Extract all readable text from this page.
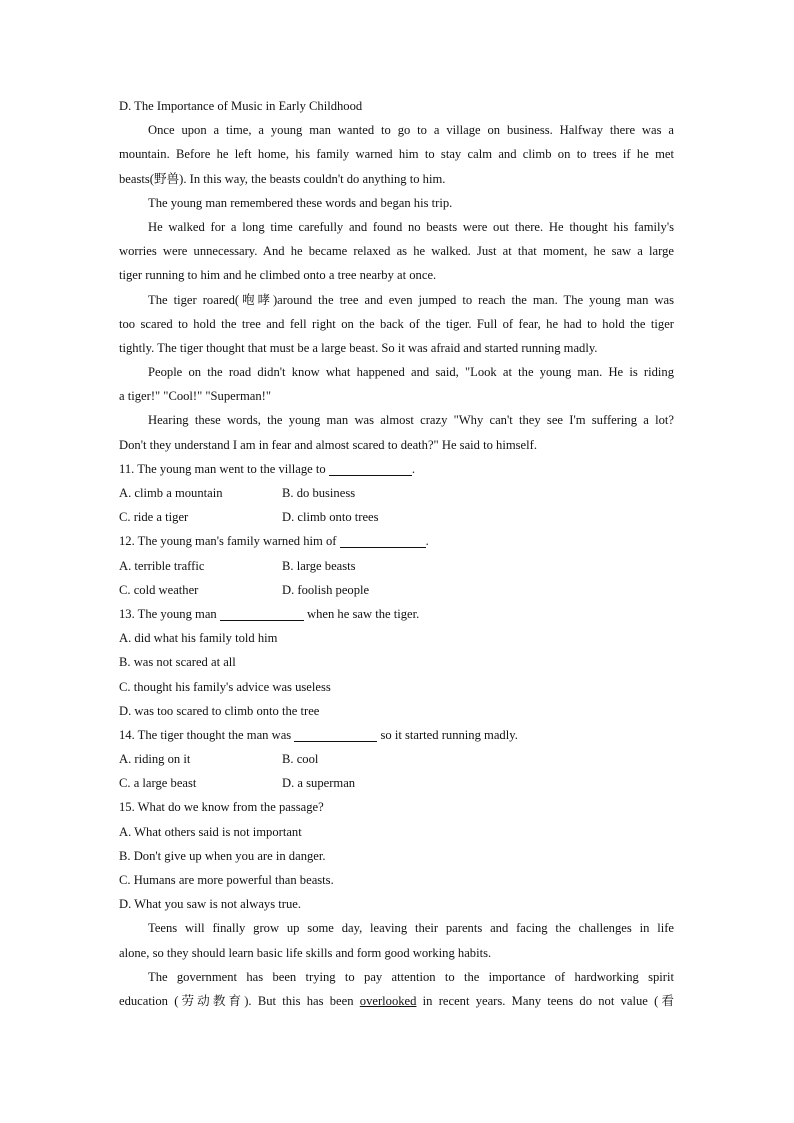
D. The Importance of Music in Early Childhood
Once upon a time, a young man wanted to go to a village on business. Halfway there was a
mountain. Before he left home, his family warned him to stay calm and climb on to trees if he met
beasts(野兽). In this way, the beasts couldn't do anything to him.
The young man remembered these words and began his trip.
He walked for a long time carefully and found no beasts were out there. He thought his family's
worries were unnecessary. And he became relaxed as he walked. Just at that moment, he saw a large
tiger running to him and he climbed onto a tree nearby at once.
The tiger roared(咆哮)around the tree and even jumped to reach the man. The young man was
too scared to hold the tree and fell right on the back of the tiger. Full of fear, he had to hold the tiger
tightly. The tiger thought that must be a large beast. So it was afraid and started running madly.
People on the road didn't know what happened and said, "Look at the young man. He is riding
a tiger!" "Cool!" "Superman!"
Hearing these words, the young man was almost crazy "Why can't they see I'm suffering a lot?
Don't they understand I am in fear and almost scared to death?" He said to himself.
11. The young man went to the village to	.
A. climb a mountain	B. do business
C. ride a tiger	D. climb onto trees
12. The young man's family warned him of	.
A. terrible traffic	B. large beasts
C. cold weather	D. foolish people
13. The young man	when he saw the tiger.
A. did what his family told him
B. was not scared at all
C. thought his family's advice was useless
D. was too scared to climb onto the tree
14. The tiger thought the man was	so it started running madly.
A. riding on it	B. cool
C. a large beast	D. a superman
15. What do we know from the passage?
A. What others said is not important
B. Don't give up when you are in danger.
C. Humans are more powerful than beasts.
D. What you saw is not always true.
Teens will finally grow up some day, leaving their parents and facing the challenges in life
alone, so they should learn basic life skills and form good working habits.
The government has been trying to pay attention to the importance of hardworking spirit
education (劳动教育). But this has been overlooked in recent years. Many teens do not value (看
